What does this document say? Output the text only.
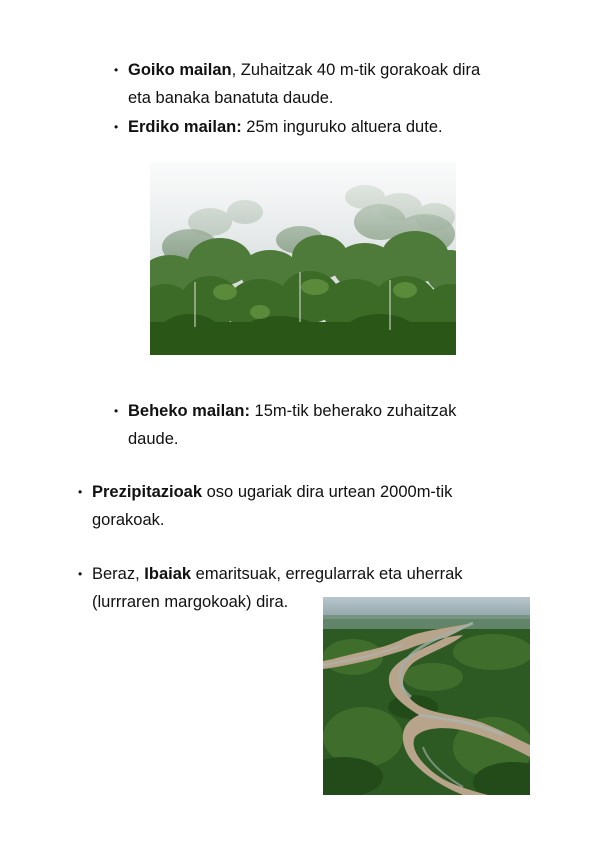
• Goiko mailan, Zuhaitzak 40 m-tik gorakoak dira
eta banaka banatuta daude.
• Erdiko mailan: 25m inguruko altuera dute.
• Beheko mailan: 15m-tik beherako zuhaitzak
daude.
• Prezipitazioak oso ugariak dira urtean 2000m-tik
gorakoak.
• Beraz, Ibaiak emaritsuak, erregularrak eta uherrak
(lurrraren margokoak) dira.
